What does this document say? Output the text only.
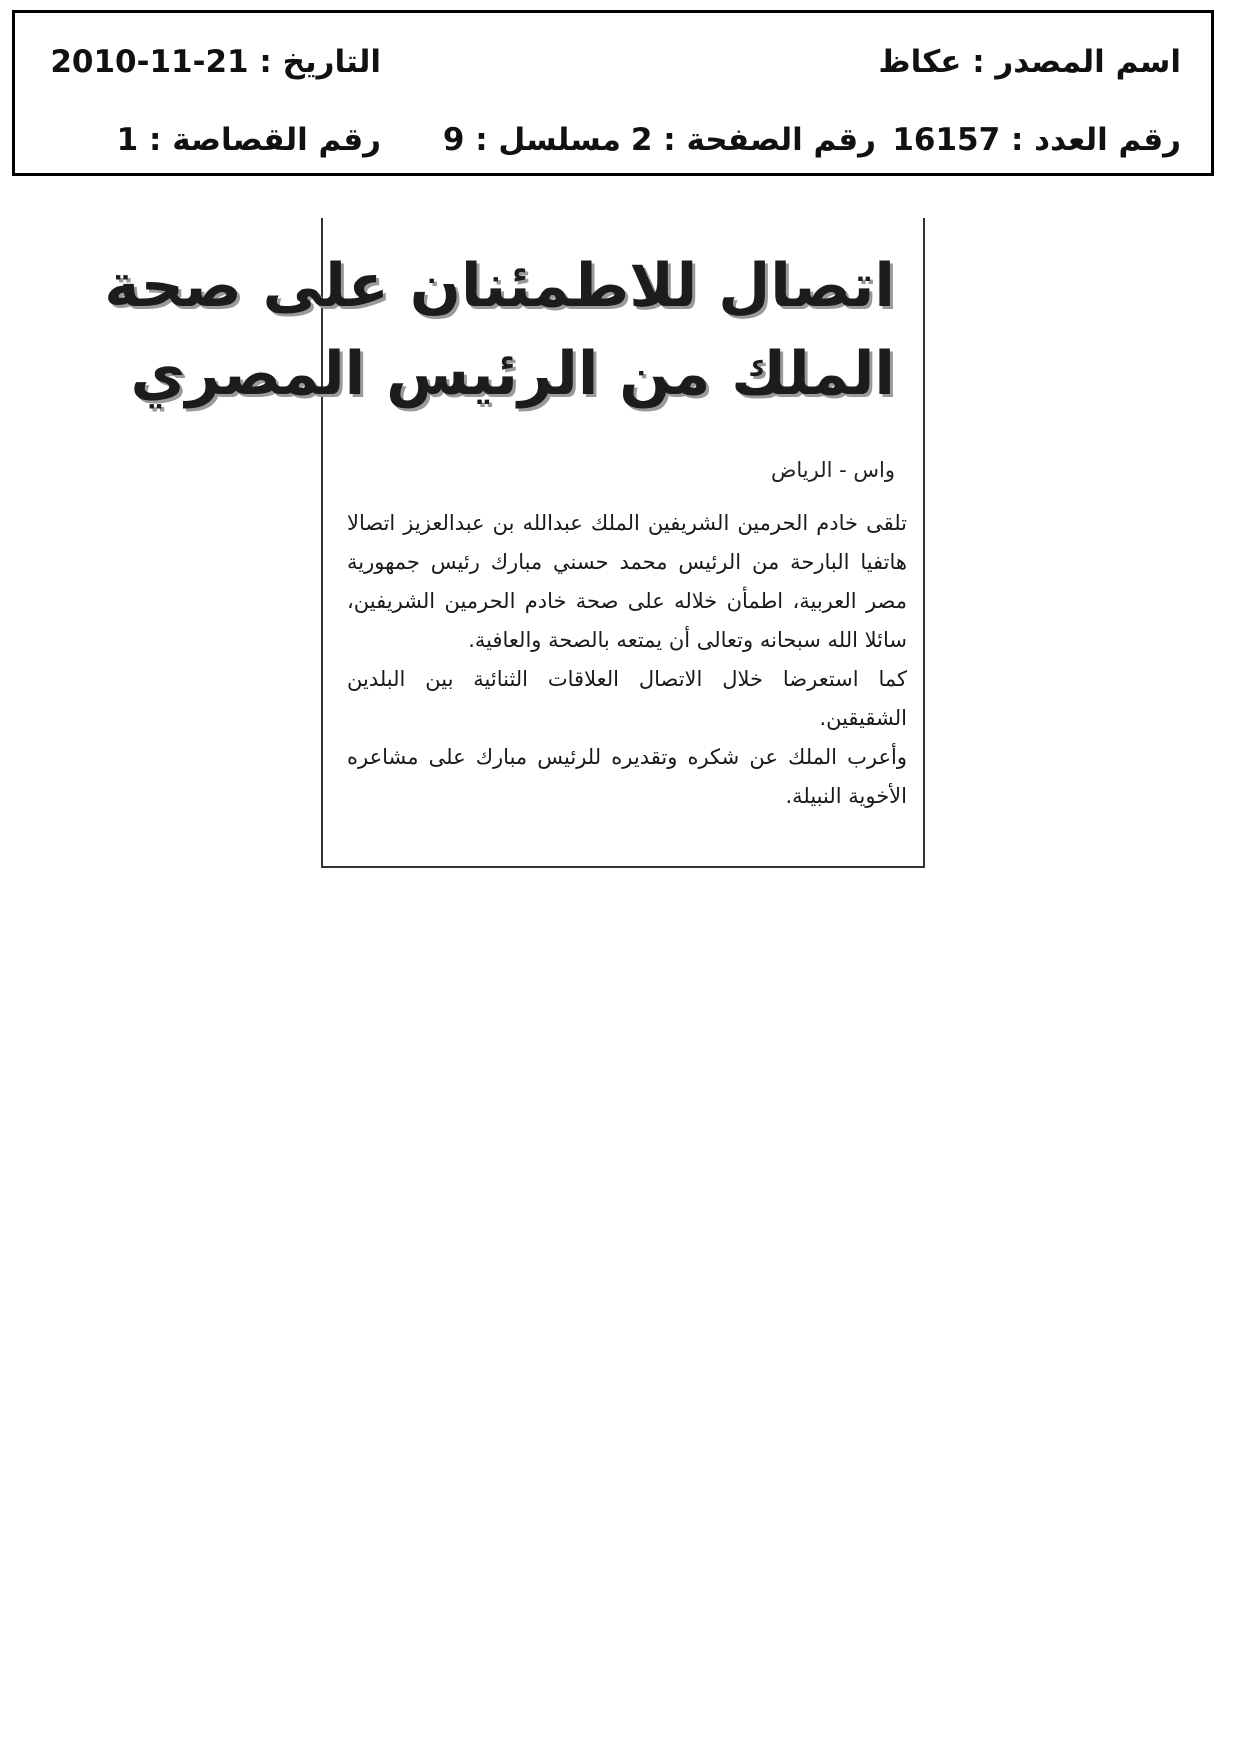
اسم المصدر : عكاظ
التاريخ : 21-11-2010
رقم العدد : 16157
رقم الصفحة : 2
مسلسل : 9
رقم القصاصة : 1
اتصال للاطمئنان على صحة
الملك من الرئيس المصري
واس - الرياض

تلقى خادم الحرمين الشريفين الملك عبدالله بن عبدالعزيز اتصالا هاتفيا البارحة من الرئيس محمد حسني مبارك رئيس جمهورية مصر العربية، اطمأن خلاله على صحة خادم الحرمين الشريفين، سائلا الله سبحانه وتعالى أن يمتعه بالصحة والعافية.

كما استعرضا خلال الاتصال العلاقات الثنائية بين البلدين الشقيقين.

وأعرب الملك عن شكره وتقديره للرئيس مبارك على مشاعره الأخوية النبيلة.
